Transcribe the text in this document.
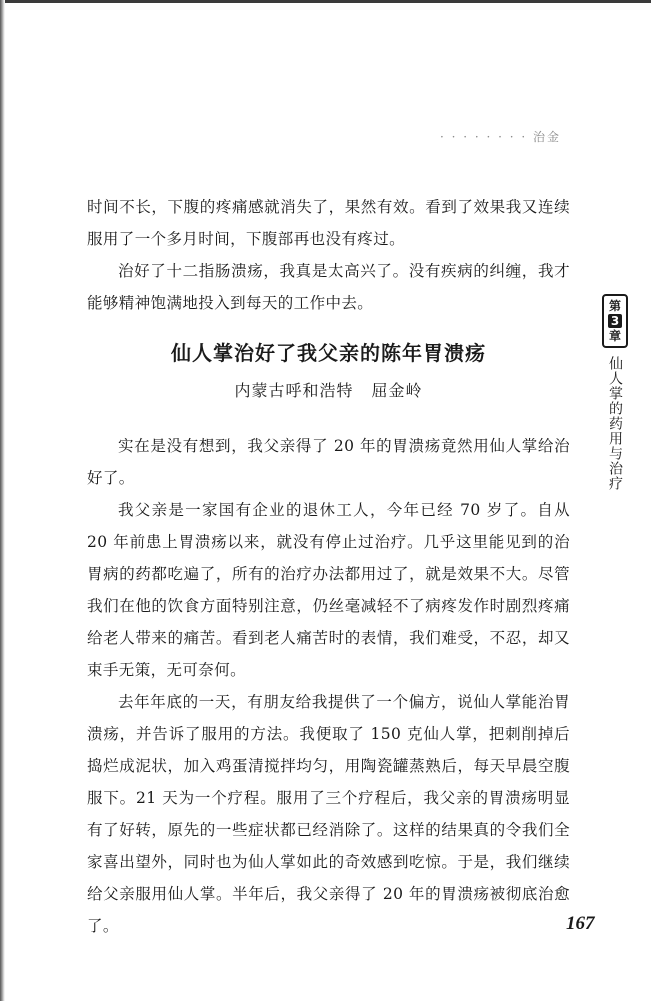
· · · · · · · · 治金

时间不长，下腹的疼痛感就消失了，果然有效。看到了效果我又连续服用了一个多月时间，下腹部再也没有疼过。

治好了十二指肠溃疡，我真是太高兴了。没有疾病的纠缠，我才能够精神饱满地投入到每天的工作中去。

仙人掌治好了我父亲的陈年胃溃疡
内蒙古呼和浩特 屈金岭

实在是没有想到，我父亲得了 20 年的胃溃疡竟然用仙人掌给治好了。

我父亲是一家国有企业的退休工人，今年已经 70 岁了。自从 20 年前患上胃溃疡以来，就没有停止过治疗。几乎这里能见到的治胃病的药都吃遍了，所有的治疗办法都用过了，就是效果不大。尽管我们在他的饮食方面特别注意，仍丝毫减轻不了病疼发作时剧烈疼痛给老人带来的痛苦。看到老人痛苦时的表情，我们难受，不忍，却又束手无策，无可奈何。

去年年底的一天，有朋友给我提供了一个偏方，说仙人掌能治胃溃疡，并告诉了服用的方法。我便取了 150 克仙人掌，把刺削掉后捣烂成泥状，加入鸡蛋清搅拌均匀，用陶瓷罐蒸熟后，每天早晨空腹服下。21 天为一个疗程。服用了三个疗程后，我父亲的胃溃疡明显有了好转，原先的一些症状都已经消除了。这样的结果真的令我们全家喜出望外，同时也为仙人掌如此的奇效感到吃惊。于是，我们继续给父亲服用仙人掌。半年后，我父亲得了 20 年的胃溃疡被彻底治愈了。

第
3
章
仙人掌的药用与治疗
167
